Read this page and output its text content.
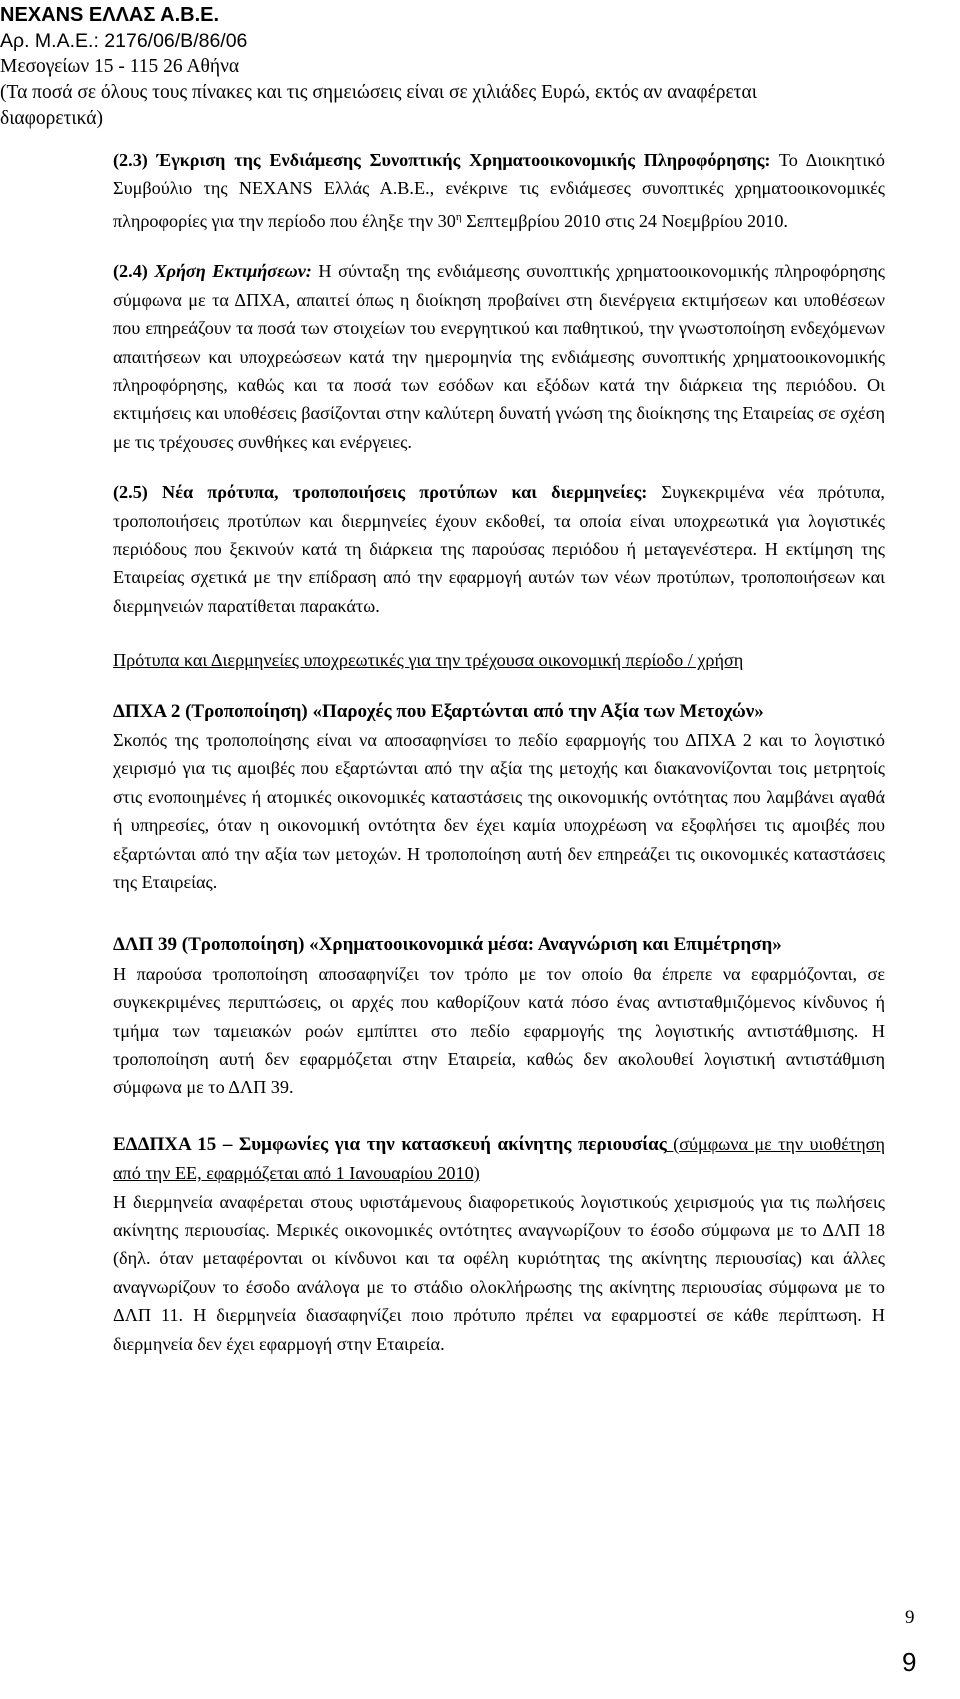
NEXANS ΕΛΛΑΣ Α.Β.Ε.
Αρ. Μ.Α.Ε.: 2176/06/Β/86/06
Μεσογείων 15 - 115 26 Αθήνα
(Τα ποσά σε όλους τους πίνακες και τις σημειώσεις είναι σε χιλιάδες Ευρώ, εκτός αν αναφέρεται
διαφορετικά)

(2.3) Έγκριση της Ενδιάμεσης Συνοπτικής Χρηματοοικονομικής Πληροφόρησης: Το Διοικητικό Συμβούλιο της NEXANS Ελλάς Α.Β.Ε., ενέκρινε τις ενδιάμεσες συνοπτικές χρηματοοικονομικές πληροφορίες για την περίοδο που έληξε την $30^\eta$ Σεπτεμβρίου 2010 στις 24 Νοεμβρίου 2010.

(2.4) Χρήση Εκτιμήσεων: Η σύνταξη της ενδιάμεσης συνοπτικής χρηματοοικονομικής πληροφόρησης σύμφωνα με τα ΔΠΧΑ, απαιτεί όπως η διοίκηση προβαίνει στη διενέργεια εκτιμήσεων και υποθέσεων που επηρεάζουν τα ποσά των στοιχείων του ενεργητικού και παθητικού, την γνωστοποίηση ενδεχόμενων απαιτήσεων και υποχρεώσεων κατά την ημερομηνία της ενδιάμεσης συνοπτικής χρηματοοικονομικής πληροφόρησης, καθώς και τα ποσά των εσόδων και εξόδων κατά την διάρκεια της περιόδου. Οι εκτιμήσεις και υποθέσεις βασίζονται στην καλύτερη δυνατή γνώση της διοίκησης της Εταιρείας σε σχέση με τις τρέχουσες συνθήκες και ενέργειες.

(2.5) Νέα πρότυπα, τροποποιήσεις προτύπων και διερμηνείες: Συγκεκριμένα νέα πρότυπα, τροποποιήσεις προτύπων και διερμηνείες έχουν εκδοθεί, τα οποία είναι υποχρεωτικά για λογιστικές περιόδους που ξεκινούν κατά τη διάρκεια της παρούσας περιόδου ή μεταγενέστερα. Η εκτίμηση της Εταιρείας σχετικά με την επίδραση από την εφαρμογή αυτών των νέων προτύπων, τροποποιήσεων και διερμηνειών παρατίθεται παρακάτω.

Πρότυπα και Διερμηνείες υποχρεωτικές για την τρέχουσα οικονομική περίοδο / χρήση

ΔΠΧΑ 2 (Τροποποίηση) «Παροχές που Εξαρτώνται από την Αξία των Μετοχών»
Σκοπός της τροποποίησης είναι να αποσαφηνίσει το πεδίο εφαρμογής του ΔΠΧΑ 2 και το λογιστικό χειρισμό για τις αμοιβές που εξαρτώνται από την αξία της μετοχής και διακανονίζονται τοις μετρητοίς στις ενοποιημένες ή ατομικές οικονομικές καταστάσεις της οικονομικής οντότητας που λαμβάνει αγαθά ή υπηρεσίες, όταν η οικονομική οντότητα δεν έχει καμία υποχρέωση να εξοφλήσει τις αμοιβές που εξαρτώνται από την αξία των μετοχών. Η τροποποίηση αυτή δεν επηρεάζει τις οικονομικές καταστάσεις της Εταιρείας.

ΔΛΠ 39 (Τροποποίηση) «Χρηματοοικονομικά μέσα: Αναγνώριση και Επιμέτρηση»
Η παρούσα τροποποίηση αποσαφηνίζει τον τρόπο με τον οποίο θα έπρεπε να εφαρμόζονται, σε συγκεκριμένες περιπτώσεις, οι αρχές που καθορίζουν κατά πόσο ένας αντισταθμιζόμενος κίνδυνος ή τμήμα των ταμειακών ροών εμπίπτει στο πεδίο εφαρμογής της λογιστικής αντιστάθμισης. Η τροποποίηση αυτή δεν εφαρμόζεται στην Εταιρεία, καθώς δεν ακολουθεί λογιστική αντιστάθμιση σύμφωνα με το ΔΛΠ 39.

ΕΔΔΠΧΑ 15 – Συμφωνίες για την κατασκευή ακίνητης περιουσίας (σύμφωνα με την υιοθέτηση από την ΕΕ, εφαρμόζεται από 1 Ιανουαρίου 2010)
Η διερμηνεία αναφέρεται στους υφιστάμενους διαφορετικούς λογιστικούς χειρισμούς για τις πωλήσεις ακίνητης περιουσίας. Μερικές οικονομικές οντότητες αναγνωρίζουν το έσοδο σύμφωνα με το ΔΛΠ 18 (δηλ. όταν μεταφέρονται οι κίνδυνοι και τα οφέλη κυριότητας της ακίνητης περιουσίας) και άλλες αναγνωρίζουν το έσοδο ανάλογα με το στάδιο ολοκλήρωσης της ακίνητης περιουσίας σύμφωνα με το ΔΛΠ 11. Η διερμηνεία διασαφηνίζει ποιο πρότυπο πρέπει να εφαρμοστεί σε κάθε περίπτωση. Η διερμηνεία δεν έχει εφαρμογή στην Εταιρεία.

9
9
